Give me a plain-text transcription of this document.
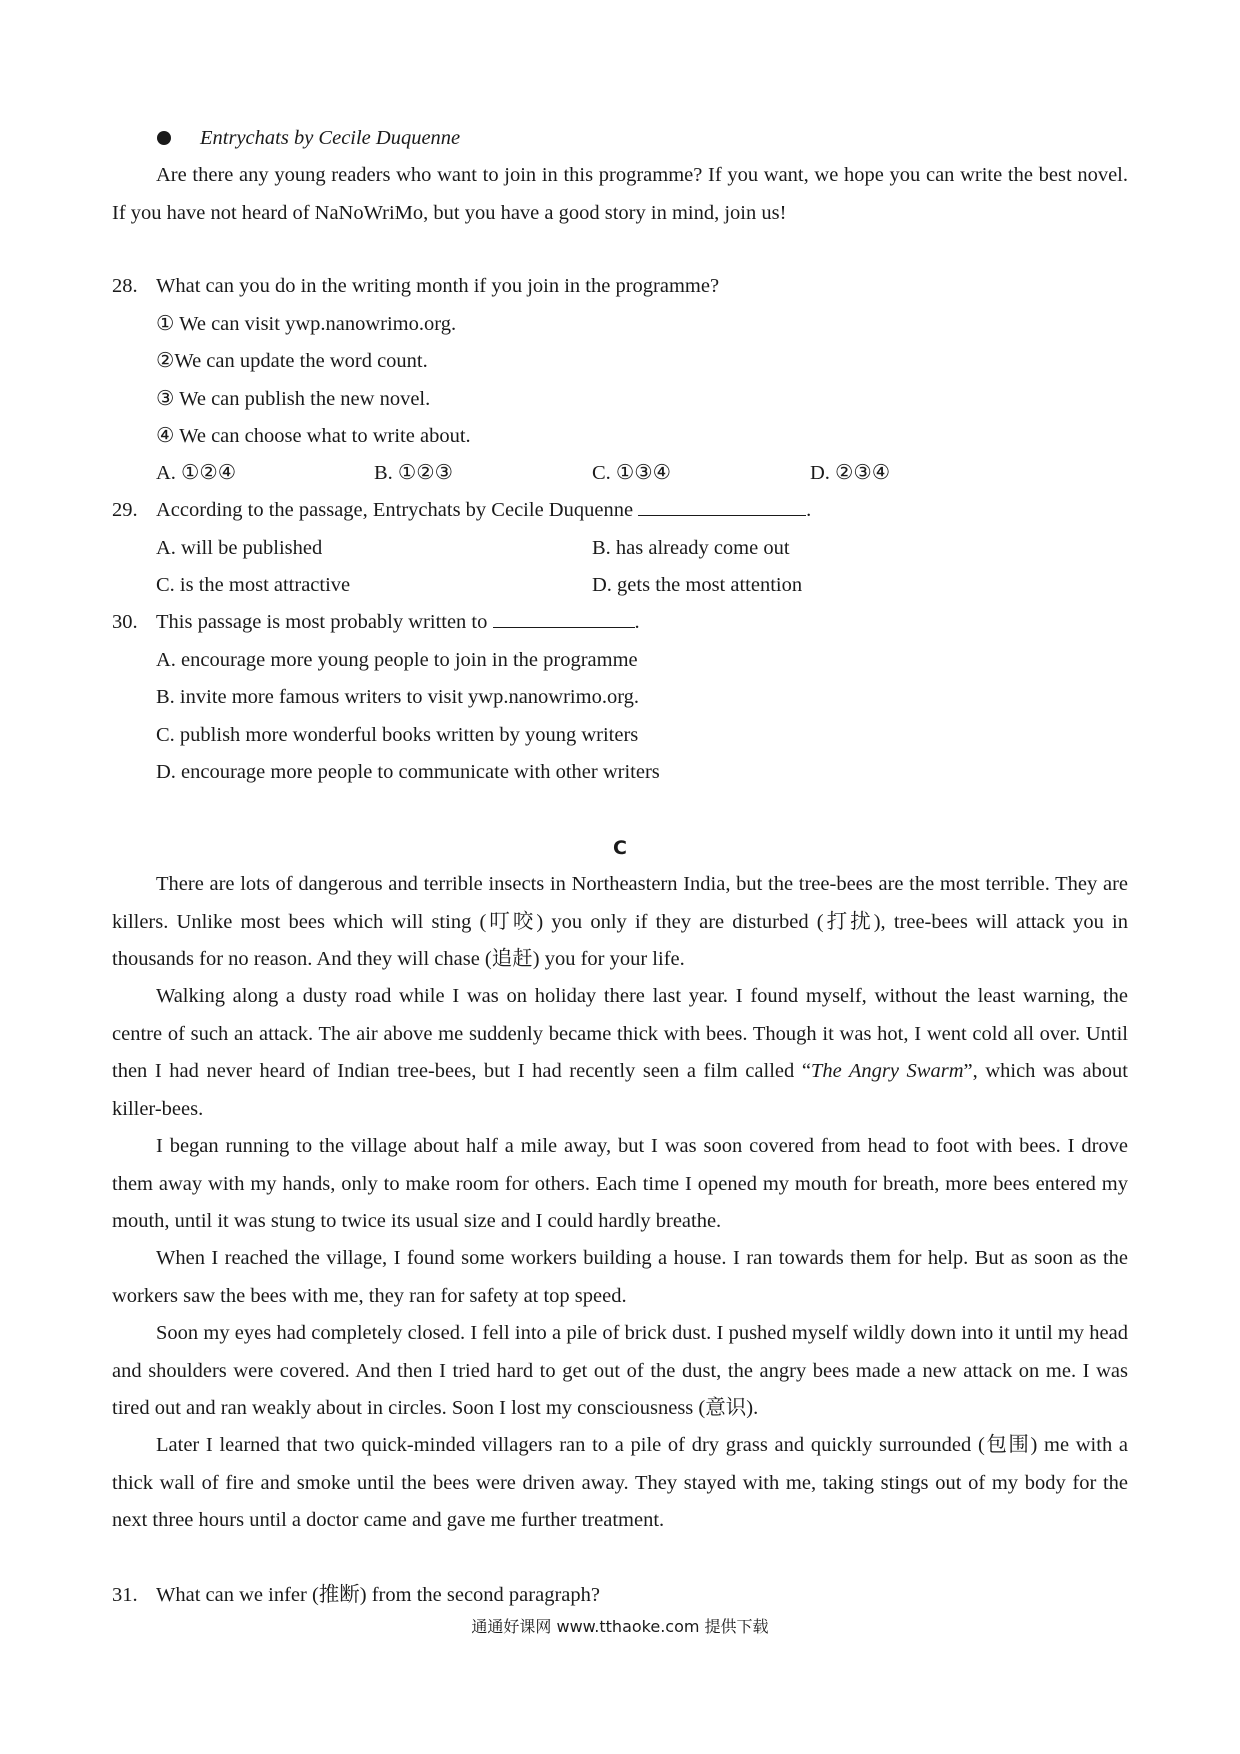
Entrychats by Cecile Duquenne

Are there any young readers who want to join in this programme? If you want, we hope you can write the best novel. If you have not heard of NaNoWriMo, but you have a good story in mind, join us!

28. What can you do in the writing month if you join in the programme?
① We can visit ywp.nanowrimo.org.
②We can update the word count.
③ We can publish the new novel.
④ We can choose what to write about.
A. ①②④	B. ①②③	C. ①③④	D. ②③④
29. According to the passage, Entrychats by Cecile Duquenne	.
A. will be published	B. has already come out
C. is the most attractive	D. gets the most attention
30. This passage is most probably written to	.
A. encourage more young people to join in the programme
B. invite more famous writers to visit ywp.nanowrimo.org.
C. publish more wonderful books written by young writers
D. encourage more people to communicate with other writers
C

There are lots of dangerous and terrible insects in Northeastern India, but the tree-bees are the most terrible. They are killers. Unlike most bees which will sting (叮咬) you only if they are disturbed (打扰), tree-bees will attack you in thousands for no reason. And they will chase (追赶) you for your life.

Walking along a dusty road while I was on holiday there last year. I found myself, without the least warning, the centre of such an attack. The air above me suddenly became thick with bees. Though it was hot, I went cold all over. Until then I had never heard of Indian tree-bees, but I had recently seen a film called “The Angry Swarm”, which was about killer-bees.

I began running to the village about half a mile away, but I was soon covered from head to foot with bees. I drove them away with my hands, only to make room for others. Each time I opened my mouth for breath, more bees entered my mouth, until it was stung to twice its usual size and I could hardly breathe.

When I reached the village, I found some workers building a house. I ran towards them for help. But as soon as the workers saw the bees with me, they ran for safety at top speed.

Soon my eyes had completely closed. I fell into a pile of brick dust. I pushed myself wildly down into it until my head and shoulders were covered. And then I tried hard to get out of the dust, the angry bees made a new attack on me. I was tired out and ran weakly about in circles. Soon I lost my consciousness (意识).

Later I learned that two quick-minded villagers ran to a pile of dry grass and quickly surrounded (包围) me with a thick wall of fire and smoke until the bees were driven away. They stayed with me, taking stings out of my body for the next three hours until a doctor came and gave me further treatment.

31. What can we infer (推断) from the second paragraph?
通通好课网 www.tthaoke.com 提供下载
